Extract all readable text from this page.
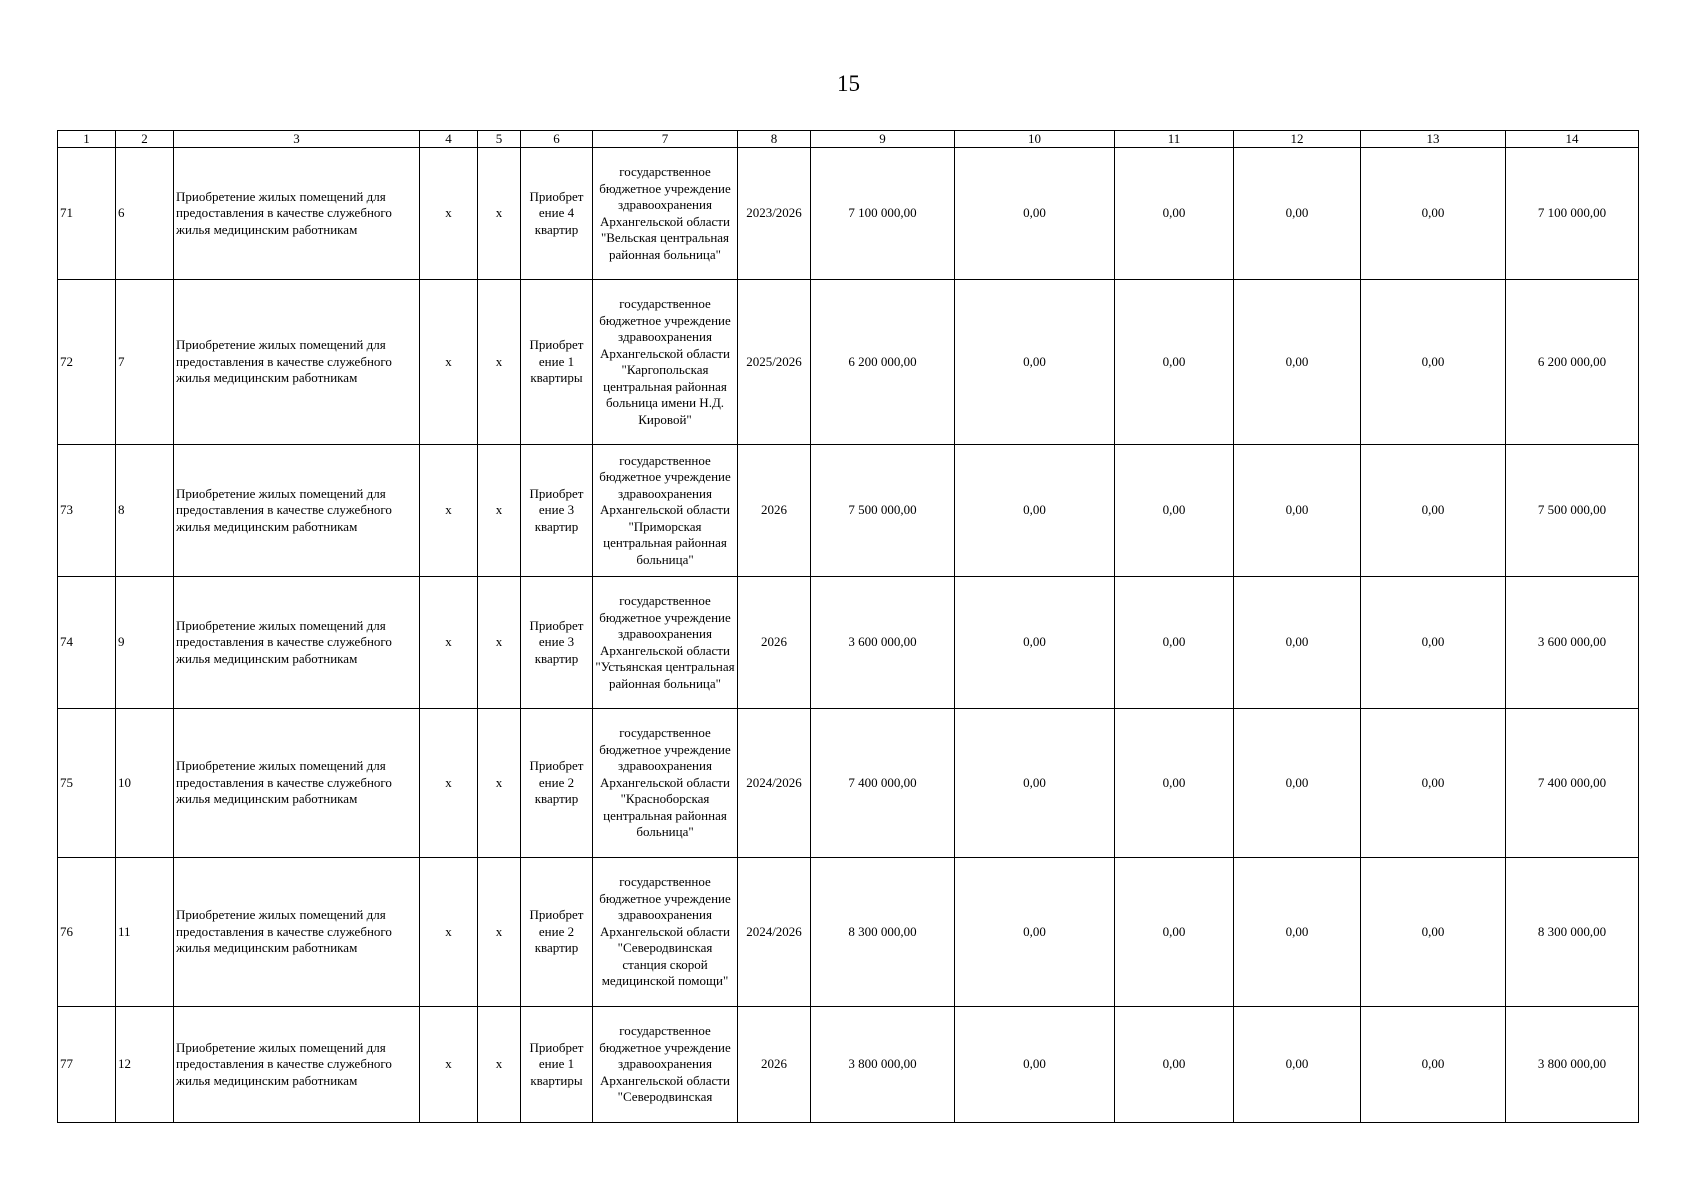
15
1	2	3	4	5	6	7	8	9	10	11	12	13	14
71	6	Приобретение жилых помещений для предоставления в качестве служебного жилья медицинским работникам	х	х	Приобрет ение 4 квартир	государственное бюджетное учреждение здравоохранения Архангельской области "Вельская центральная районная больница"	2023/2026	7 100 000,00	0,00	0,00	0,00	0,00	7 100 000,00
72	7	Приобретение жилых помещений для предоставления в качестве служебного жилья медицинским работникам	х	х	Приобрет ение 1 квартиры	государственное бюджетное учреждение здравоохранения Архангельской области "Каргопольская центральная районная больница имени Н.Д. Кировой"	2025/2026	6 200 000,00	0,00	0,00	0,00	0,00	6 200 000,00
73	8	Приобретение жилых помещений для предоставления в качестве служебного жилья медицинским работникам	х	х	Приобрет ение 3 квартир	государственное бюджетное учреждение здравоохранения Архангельской области "Приморская центральная районная больница"	2026	7 500 000,00	0,00	0,00	0,00	0,00	7 500 000,00
74	9	Приобретение жилых помещений для предоставления в качестве служебного жилья медицинским работникам	х	х	Приобрет ение 3 квартир	государственное бюджетное учреждение здравоохранения Архангельской области "Устьянская центральная районная больница"	2026	3 600 000,00	0,00	0,00	0,00	0,00	3 600 000,00
75	10	Приобретение жилых помещений для предоставления в качестве служебного жилья медицинским работникам	х	х	Приобрет ение 2 квартир	государственное бюджетное учреждение здравоохранения Архангельской области "Красноборская центральная районная больница"	2024/2026	7 400 000,00	0,00	0,00	0,00	0,00	7 400 000,00
76	11	Приобретение жилых помещений для предоставления в качестве служебного жилья медицинским работникам	х	х	Приобрет ение 2 квартир	государственное бюджетное учреждение здравоохранения Архангельской области "Северодвинская станция скорой медицинской помощи"	2024/2026	8 300 000,00	0,00	0,00	0,00	0,00	8 300 000,00
77	12	Приобретение жилых помещений для предоставления в качестве служебного жилья медицинским работникам	х	х	Приобрет ение 1 квартиры	государственное бюджетное учреждение здравоохранения Архангельской области "Северодвинская	2026	3 800 000,00	0,00	0,00	0,00	0,00	3 800 000,00
